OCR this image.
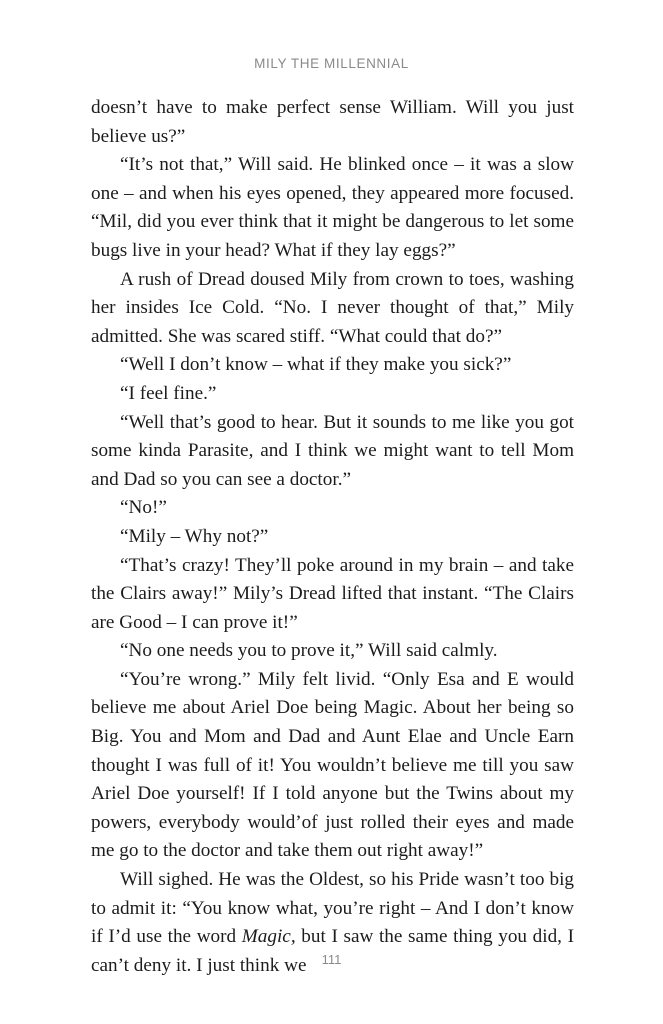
MILY THE MILLENNIAL

doesn’t have to make perfect sense William. Will you just believe us?”

“It’s not that,” Will said. He blinked once – it was a slow one – and when his eyes opened, they appeared more focused. “Mil, did you ever think that it might be dangerous to let some bugs live in your head? What if they lay eggs?”

A rush of Dread doused Mily from crown to toes, washing her insides Ice Cold. “No. I never thought of that,” Mily admitted. She was scared stiff. “What could that do?”

“Well I don’t know – what if they make you sick?”

“I feel fine.”

“Well that’s good to hear. But it sounds to me like you got some kinda Parasite, and I think we might want to tell Mom and Dad so you can see a doctor.”

“No!”

“Mily – Why not?”

“That’s crazy! They’ll poke around in my brain – and take the Clairs away!” Mily’s Dread lifted that instant. “The Clairs are Good – I can prove it!”

“No one needs you to prove it,” Will said calmly.

“You’re wrong.” Mily felt livid. “Only Esa and E would believe me about Ariel Doe being Magic. About her being so Big. You and Mom and Dad and Aunt Elae and Uncle Earn thought I was full of it! You wouldn’t believe me till you saw Ariel Doe yourself! If I told anyone but the Twins about my powers, everybody would’of just rolled their eyes and made me go to the doctor and take them out right away!”

Will sighed. He was the Oldest, so his Pride wasn’t too big to admit it: “You know what, you’re right – And I don’t know if I’d use the word Magic, but I saw the same thing you did, I can’t deny it. I just think we	111
